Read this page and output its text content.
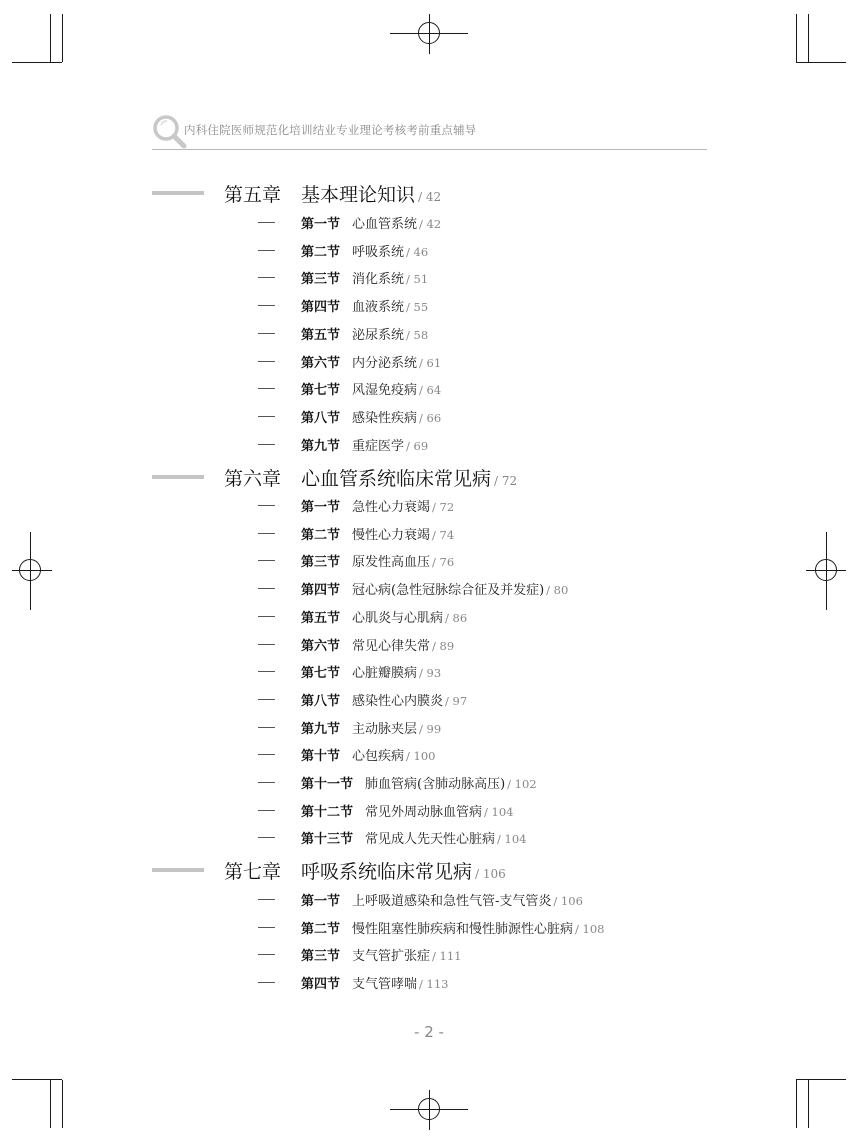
内科住院医师规范化培训结业专业理论考核考前重点辅导
第五章 基本理论知识 / 42
第一节 心血管系统 / 42
第二节 呼吸系统 / 46
第三节 消化系统 / 51
第四节 血液系统 / 55
第五节 泌尿系统 / 58
第六节 内分泌系统 / 61
第七节 风湿免疫病 / 64
第八节 感染性疾病 / 66
第九节 重症医学 / 69
第六章 心血管系统临床常见病 / 72
第一节 急性心力衰竭 / 72
第二节 慢性心力衰竭 / 74
第三节 原发性高血压 / 76
第四节 冠心病(急性冠脉综合征及并发症) / 80
第五节 心肌炎与心肌病 / 86
第六节 常见心律失常 / 89
第七节 心脏瓣膜病 / 93
第八节 感染性心内膜炎 / 97
第九节 主动脉夹层 / 99
第十节 心包疾病 / 100
第十一节 肺血管病(含肺动脉高压) / 102
第十二节 常见外周动脉血管病 / 104
第十三节 常见成人先天性心脏病 / 104
第七章 呼吸系统临床常见病 / 106
第一节 上呼吸道感染和急性气管-支气管炎 / 106
第二节 慢性阻塞性肺疾病和慢性肺源性心脏病 / 108
第三节 支气管扩张症 / 111
第四节 支气管哮喘 / 113
- 2 -
